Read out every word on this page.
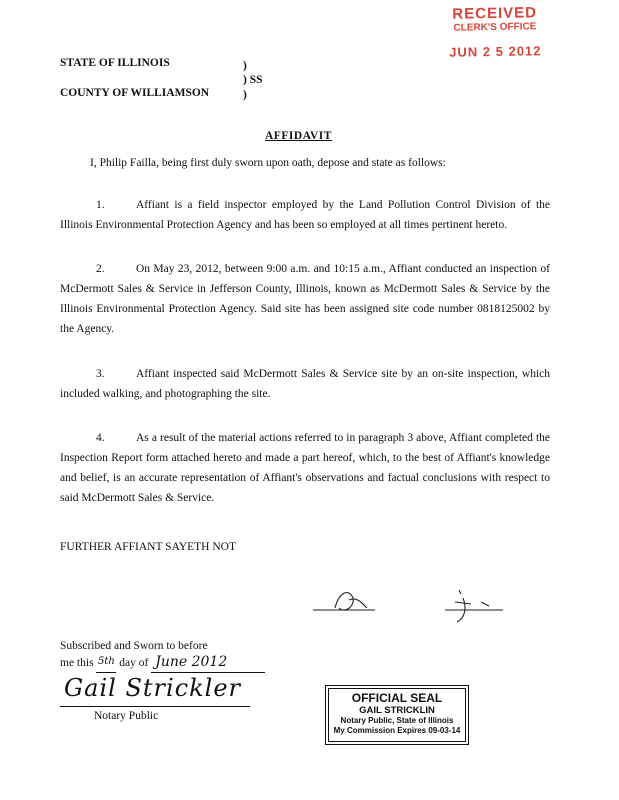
RECEIVED
CLERK'S OFFICE
JUN 2 5 2012
STATE OF ILLINOIS
COUNTY OF WILLIAMSON
)
) SS
)
AFFIDAVIT
I, Philip Failla, being first duly sworn upon oath, depose and state as follows:
1.	Affiant is a field inspector employed by the Land Pollution Control Division of the Illinois Environmental Protection Agency and has been so employed at all times pertinent hereto.
2.	On May 23, 2012, between 9:00 a.m. and 10:15 a.m., Affiant conducted an inspection of McDermott Sales & Service in Jefferson County, Illinois, known as McDermott Sales & Service by the Illinois Environmental Protection Agency. Said site has been assigned site code number 0818125002 by the Agency.
3.	Affiant inspected said McDermott Sales & Service site by an on-site inspection, which included walking, and photographing the site.
4.	As a result of the material actions referred to in paragraph 3 above, Affiant completed the Inspection Report form attached hereto and made a part hereof, which, to the best of Affiant's knowledge and belief, is an accurate representation of Affiant's observations and factual conclusions with respect to said McDermott Sales & Service.
FURTHER AFFIANT SAYETH NOT
Subscribed and Sworn to before
me this 5th day of June 2012
Gail Strickler
Notary Public
OFFICIAL SEAL
GAIL STRICKLIN
Notary Public, State of Illinois
My Commission Expires 09-03-14
